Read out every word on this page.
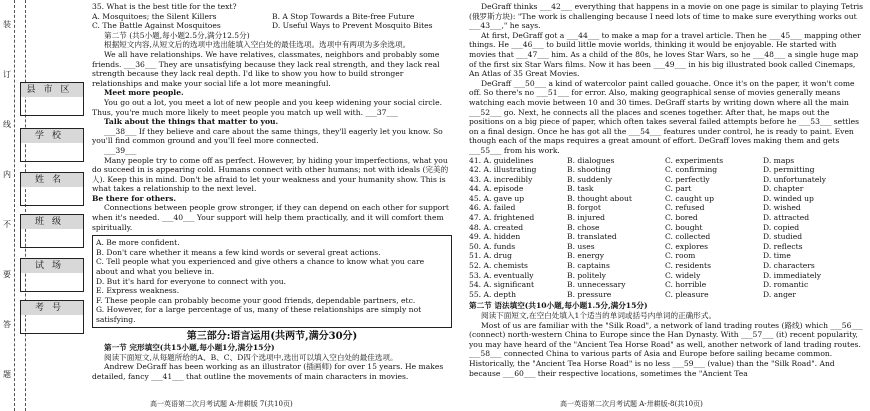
装
订
线
内
不
要
答
题
县市区
学校
姓名
班级
试场
考号

35. What is the best title for the text?

A. Mosquitoes; the Silent Killers	B. A Stop Towards a Bite-free Future
C. The Battle Against Mosquitoes	D. Useful Ways to Prevent Mosquito Bites

第二节 (共5小题,每小题2.5分,满分12.5分)

根据短文内容,从短文后的选项中选出能填入空白处的最佳选项。选项中有两项为多余选项。

We all have relationships. We have relatives, classmates, neighbors and probably some friends. ___36___ They are unsatisfying because they lack real strength, and they lack real strength because they lack real depth. I'd like to show you how to build stronger relationships and make your social life a lot more meaningful.

Meet more people.

You go out a lot, you meet a lot of new people and you keep widening your social circle. Thus, you're much more likely to meet people you match up well with. ___37___

Talk about the things that matter to you.

___38___ If they believe and care about the same things, they'll eagerly let you know. So you'll find common ground and you'll feel more connected.

___39___

Many people try to come off as perfect. However, by hiding your imperfections, what you do succeed in is appearing cold. Humans connect with other humans; not with ideals (完美的人). Keep this in mind. Don't be afraid to let your weakness and your humanity show. This is what takes a relationship to the next level.

Be there for others.

Connections between people grow stronger, if they can depend on each other for support when it's needed. ___40___ Your support will help them practically, and it will comfort them spiritually.

A. Be more confident.

B. Don't care whether it means a few kind words or several great actions.

C. Tell people what you experienced and give others a chance to know what you care about and what you believe in.

D. But it's hard for everyone to connect with you.

E. Express weakness.

F. These people can probably become your good friends, dependable partners, etc.

G. However, for a large percentage of us, many of these relationships are simply not satisfying.

第三部分:语言运用(共两节,满分30分)

第一节 完形填空(共15小题,每小题1分,满分15分)

阅读下面短文,从每题所给的A、B、C、D四个选项中,选出可以填入空白处的最佳选项。

Andrew DeGraff has been working as an illustrator (插画师) for over 15 years. He makes detailed, fancy ___41___ that outline the movements of main characters in movies.

高一英语第二次月考试题 A-卅耕版 7(共10页)

DeGraff thinks ___42___ everything that happens in a movie on one page is similar to playing Tetris (俄罗斯方块): "The work is challenging because I need lots of time to make sure everything works out ___43___," he says.

At first, DeGraff got a ___44___ to make a map for a travel article. Then he ___45___ mapping other things. He ___46___ to build little movie worlds, thinking it would be enjoyable. He started with movies that ___47___ him. As a child of the 80s, he loves Star Wars, so he ___48___ a single huge map of the first six Star Wars films. Now it has been ___49___ in his big illustrated book called Cinemaps, An Atlas of 35 Great Movies.

DeGraff ___50___ a kind of watercolor paint called gouache. Once it's on the paper, it won't come off. So there's no ___51___ for error. Also, making geographical sense of movies generally means watching each movie between 10 and 30 times. DeGraff starts by writing down where all the main ___52___ go. Next, he connects all the places and scenes together. After that, he maps out the positions on a big piece of paper, which often takes several failed attempts before he ___53___ settles on a final design. Once he has got all the ___54___ features under control, he is ready to paint. Even though each of the maps requires a great amount of effort. DeGraff loves making them and gets ___55___ from his work.

41. A. guidelines	B. dialogues	C. experiments	D. maps
42. A. illustrating	B. shooting	C. confirming	D. permitting
43. A. incredibly	B. suddenly	C. perfectly	D. unfortunately
44. A. episode	B. task	C. part	D. chapter
45. A. gave up	B. thought about	C. caught up	D. winded up
46. A. failed	B. forgot	C. refused	D. wished
47. A. frightened	B. injured	C. bored	D. attracted
48. A. created	B. chose	C. bought	D. copied
49. A. hidden	B. translated	C. collected	D. studied
50. A. funds	B. uses	C. explores	D. reflects
51. A. drug	B. energy	C. room	D. time
52. A. chemists	B. captains	C. residents	D. characters
53. A. eventually	B. politely	C. widely	D. immediately
54. A. significant	B. unnecessary	C. horrible	D. romantic
55. A. depth	B. pressure	C. pleasure	D. anger

第二节 语法填空(共10小题,每小题1.5分,满分15分)

阅读下面短文,在空白处填入1个适当的单词或括号内单词的正确形式。

Most of us are familiar with the "Silk Road", a network of land trading routes (路线) which ___56___ (connect) north-western China to Europe since the Han Dynasty. With ___57___ (it) recent popularity, you may have heard of the "Ancient Tea Horse Road" as well, another network of land trading routes. ___58___ connected China to various parts of Asia and Europe before sailing became common. Historically, the "Ancient Tea Horse Road" is no less ___59___ (value) than the "Silk Road". And because ___60___ their respective locations, sometimes the "Ancient Tea

高一英语第二次月考试题 A-卅耕版-8(共10页)
